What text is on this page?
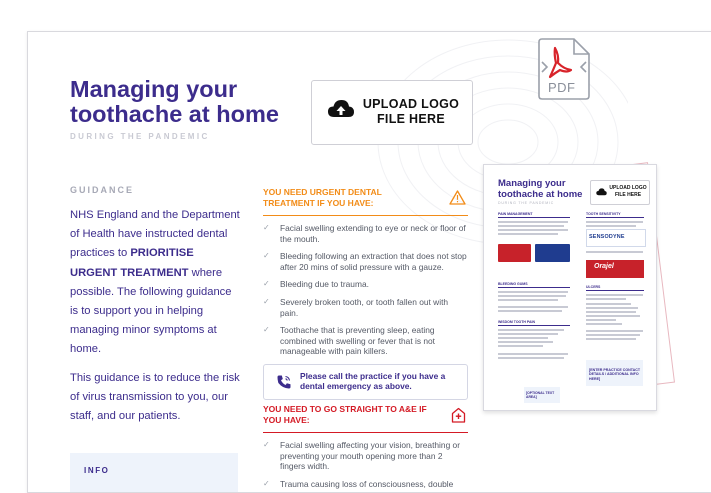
Managing your toothache at home
DURING THE PANDEMIC
UPLOAD LOGO FILE HERE
GUIDANCE

NHS England and the Department of Health have instructed dental practices to PRIORITISE URGENT TREATMENT where possible. The following guidance is to support you in helping managing minor symptoms at home.

This guidance is to reduce the risk of virus transmission to you, our staff, and our patients.

INFO
YOU NEED URGENT DENTAL TREATMENT IF YOU HAVE:
✓ Facial swelling extending to eye or neck or floor of the mouth.
✓ Bleeding following an extraction that does not stop after 20 mins of solid pressure with a gauze.
✓ Bleeding due to trauma.
✓ Severely broken tooth, or tooth fallen out with pain.
✓ Toothache that is preventing sleep, eating combined with swelling or fever that is not manageable with pain killers.
Please call the practice if you have a dental emergency as above.
YOU NEED TO GO STRAIGHT TO A&E IF YOU HAVE:
✓ Facial swelling affecting your vision, breathing or preventing your mouth opening more than 2 fingers width.
✓ Trauma causing loss of consciousness, double
PDF
Managing your toothache at home
DURING THE PANDEMIC
UPLOAD LOGO FILE HERE
PAIN MANAGEMENT
BLEEDING GUMS
WISDOM TOOTH PAIN
TOOTH SENSITIVITY
SENSODYNE
Orajel
ULCERS
[ENTER PRACTICE CONTACT DETAILS / ADDITIONAL INFO HERE]
[OPTIONAL TEXT AREA]
